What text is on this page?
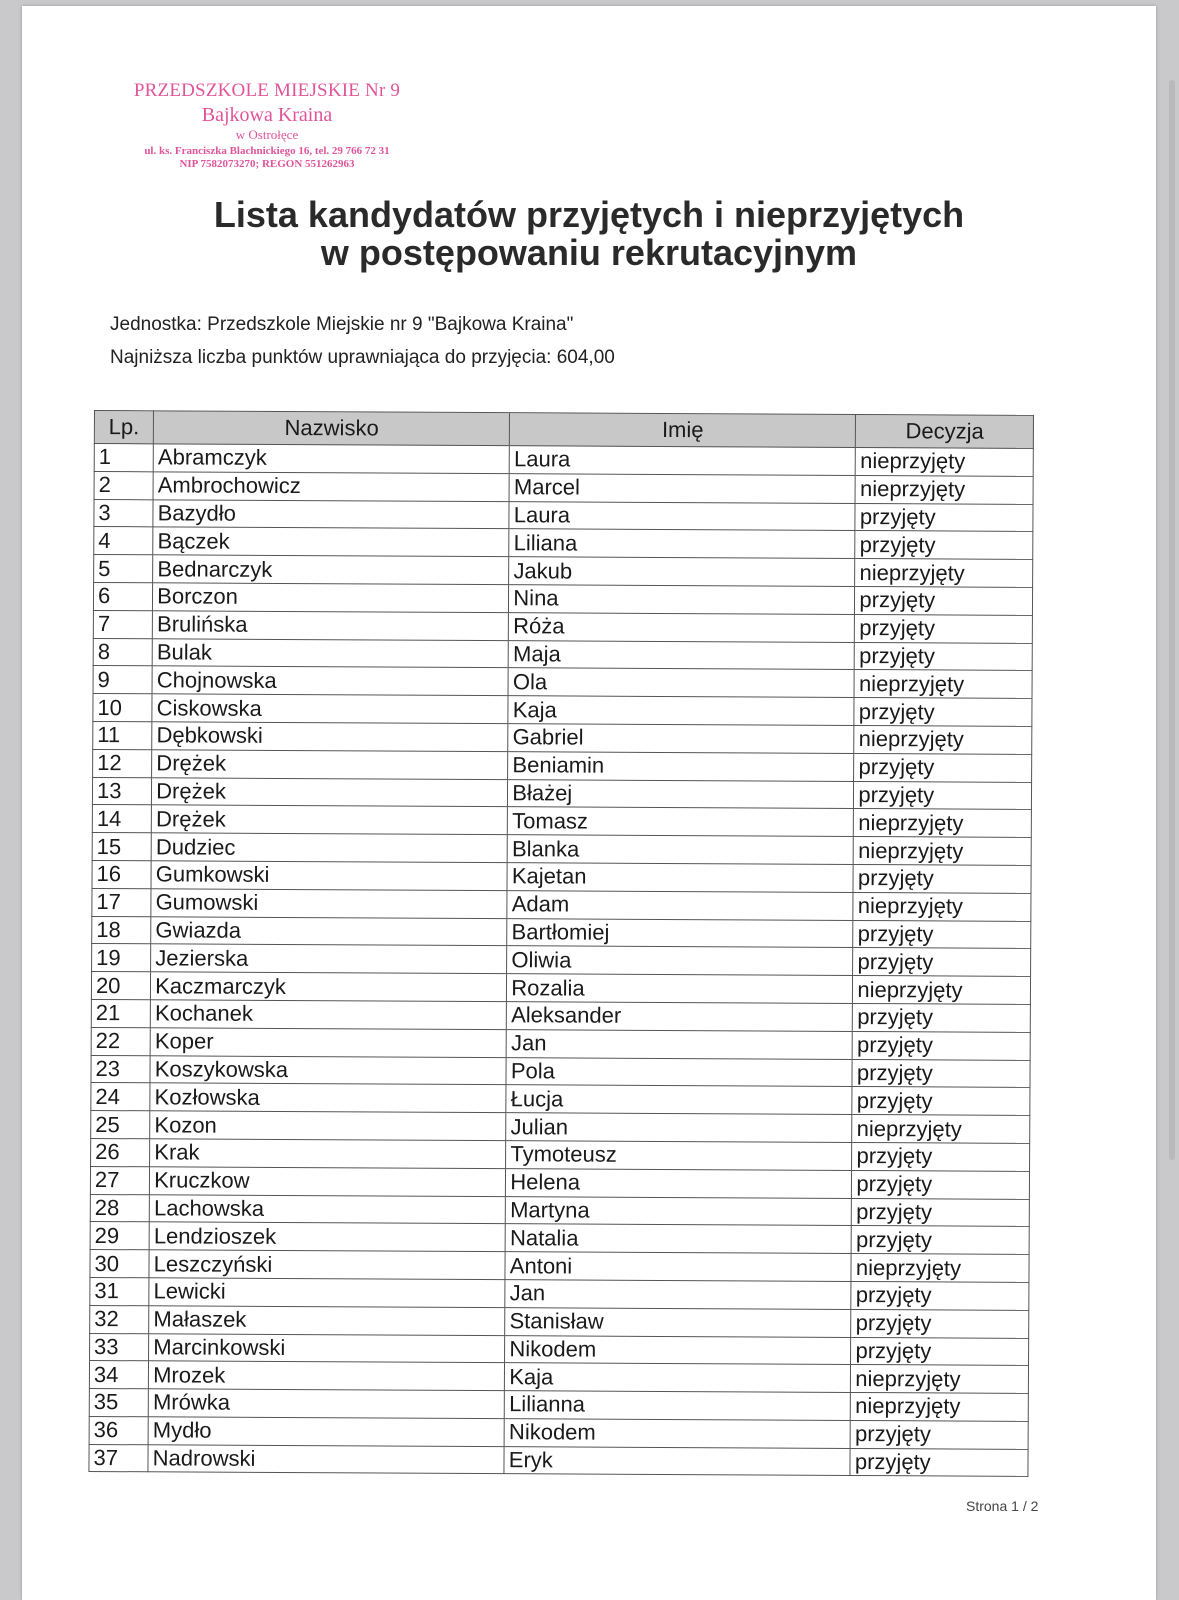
PRZEDSZKOLE MIEJSKIE Nr 9
Bajkowa Kraina
w Ostrołęce
ul. ks. Franciszka Blachnickiego 16, tel. 29 766 72 31
NIP 7582073270; REGON 551262963
Lista kandydatów przyjętych i nieprzyjętych
w postępowaniu rekrutacyjnym
Jednostka: Przedszkole Miejskie nr 9 "Bajkowa Kraina"
Najniższa liczba punktów uprawniająca do przyjęcia: 604,00
Lp.	Nazwisko	Imię	Decyzja
1	Abramczyk	Laura	nieprzyjęty
2	Ambrochowicz	Marcel	nieprzyjęty
3	Bazydło	Laura	przyjęty
4	Bączek	Liliana	przyjęty
5	Bednarczyk	Jakub	nieprzyjęty
6	Borczon	Nina	przyjęty
7	Brulińska	Róża	przyjęty
8	Bulak	Maja	przyjęty
9	Chojnowska	Ola	nieprzyjęty
10	Ciskowska	Kaja	przyjęty
11	Dębkowski	Gabriel	nieprzyjęty
12	Drężek	Beniamin	przyjęty
13	Drężek	Błażej	przyjęty
14	Drężek	Tomasz	nieprzyjęty
15	Dudziec	Blanka	nieprzyjęty
16	Gumkowski	Kajetan	przyjęty
17	Gumowski	Adam	nieprzyjęty
18	Gwiazda	Bartłomiej	przyjęty
19	Jezierska	Oliwia	przyjęty
20	Kaczmarczyk	Rozalia	nieprzyjęty
21	Kochanek	Aleksander	przyjęty
22	Koper	Jan	przyjęty
23	Koszykowska	Pola	przyjęty
24	Kozłowska	Łucja	przyjęty
25	Kozon	Julian	nieprzyjęty
26	Krak	Tymoteusz	przyjęty
27	Kruczkow	Helena	przyjęty
28	Lachowska	Martyna	przyjęty
29	Lendzioszek	Natalia	przyjęty
30	Leszczyński	Antoni	nieprzyjęty
31	Lewicki	Jan	przyjęty
32	Małaszek	Stanisław	przyjęty
33	Marcinkowski	Nikodem	przyjęty
34	Mrozek	Kaja	nieprzyjęty
35	Mrówka	Lilianna	nieprzyjęty
36	Mydło	Nikodem	przyjęty
37	Nadrowski	Eryk	przyjęty
Strona 1 / 2
